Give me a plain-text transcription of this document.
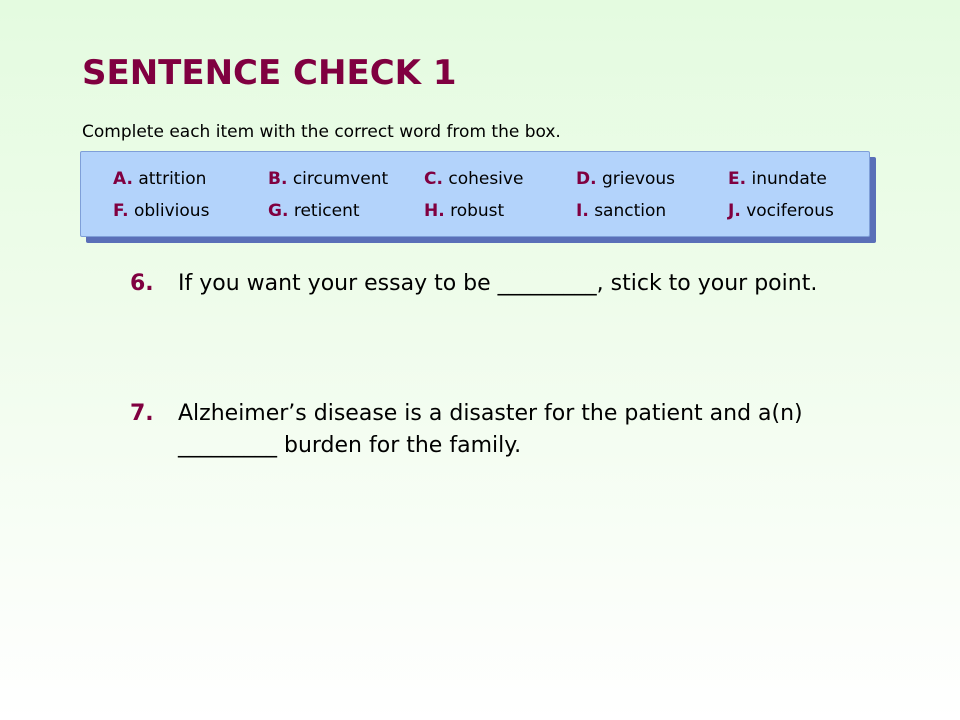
SENTENCE CHECK 1
Complete each item with the correct word from the box.
A. attrition	B. circumvent C. cohesive	D. grievous	E. inundate
F. oblivious	G. reticent	H. robust	I. sanction	J. vociferous
6. If you want your essay to be _________, stick to your point.
7. Alzheimer’s disease is a disaster for the patient and a(n) _________ burden for the family.
